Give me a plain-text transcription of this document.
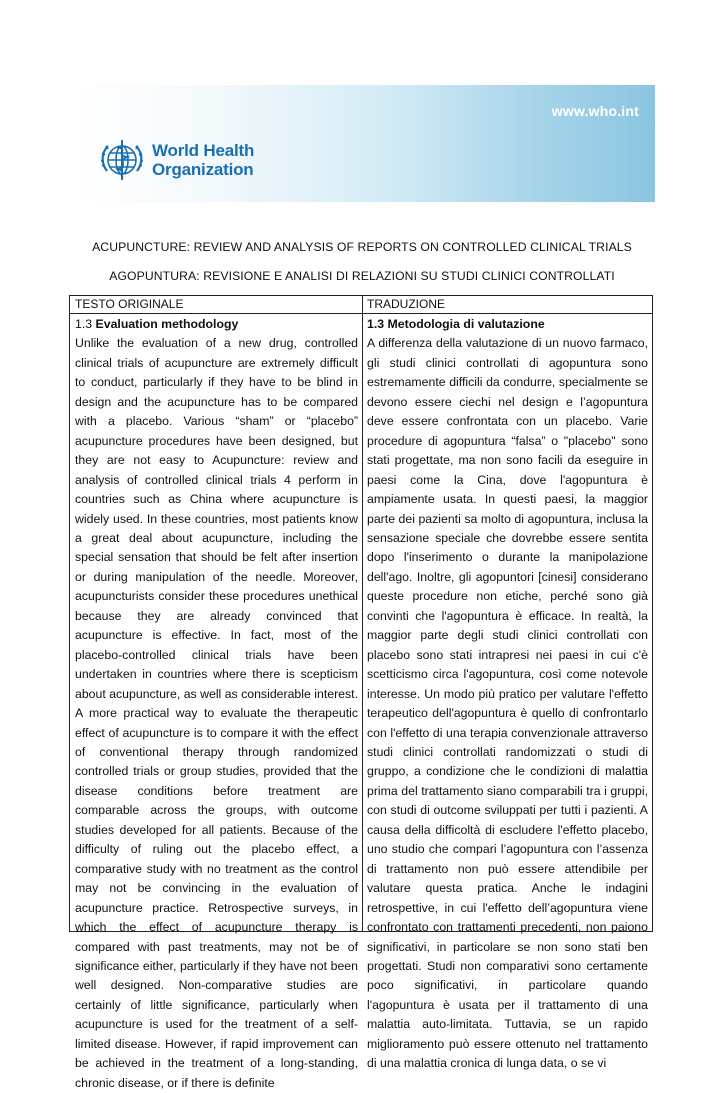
www.who.int
World Health
Organization
ACUPUNCTURE: REVIEW AND ANALYSIS OF REPORTS ON CONTROLLED CLINICAL TRIALS
AGOPUNTURA: REVISIONE E ANALISI DI RELAZIONI SU STUDI CLINICI CONTROLLATI
TESTO ORIGINALE	TRADUZIONE

1.3 Evaluation methodology

Unlike the evaluation of a new drug, controlled clinical trials of acupuncture are extremely difficult to conduct, particularly if they have to be blind in design and the acupuncture has to be compared with a placebo. Various “sham” or “placebo” acupuncture procedures have been designed, but they are not easy to Acupuncture: review and analysis of controlled clinical trials 4 perform in countries such as China where acupuncture is widely used. In these countries, most patients know a great deal about acupuncture, including the special sensation that should be felt after insertion or during manipulation of the needle. Moreover, acupuncturists consider these procedures unethical because they are already convinced that acupuncture is effective. In fact, most of the placebo-controlled clinical trials have been undertaken in countries where there is scepticism about acupuncture, as well as considerable interest. A more practical way to evaluate the therapeutic effect of acupuncture is to compare it with the effect of conventional therapy through randomized controlled trials or group studies, provided that the disease conditions before treatment are comparable across the groups, with outcome studies developed for all patients. Because of the difficulty of ruling out the placebo effect, a comparative study with no treatment as the control may not be convincing in the evaluation of acupuncture practice. Retrospective surveys, in which the effect of acupuncture therapy is compared with past treatments, may not be of significance either, particularly if they have not been well designed. Non-comparative studies are certainly of little significance, particularly when acupuncture is used for the treatment of a self-limited disease. However, if rapid improvement can be achieved in the treatment of a long-standing, chronic disease, or if there is definite

1.3 Metodologia di valutazione

A differenza della valutazione di un nuovo farmaco, gli studi clinici controllati di agopuntura sono estremamente difficili da condurre, specialmente se devono essere ciechi nel design e l’agopuntura deve essere confrontata con un placebo. Varie procedure di agopuntura “falsa” o "placebo" sono stati progettate, ma non sono facili da eseguire in paesi come la Cina, dove l'agopuntura è ampiamente usata. In questi paesi, la maggior parte dei pazienti sa molto di agopuntura, inclusa la sensazione speciale che dovrebbe essere sentita dopo l'inserimento o durante la manipolazione dell'ago. Inoltre, gli agopuntori [cinesi] considerano queste procedure non etiche, perché sono già convinti che l'agopuntura è efficace. In realtà, la maggior parte degli studi clinici controllati con placebo sono stati intrapresi nei paesi in cui c'è scetticismo circa l'agopuntura, così come notevole interesse. Un modo più pratico per valutare l'effetto terapeutico dell'agopuntura è quello di confrontarlo con l'effetto di una terapia convenzionale attraverso studi clinici controllati randomizzati o studi di gruppo, a condizione che le condizioni di malattia prima del trattamento siano comparabili tra i gruppi, con studi di outcome sviluppati per tutti i pazienti. A causa della difficoltà di escludere l'effetto placebo, uno studio che compari l’agopuntura con l’assenza di trattamento non può essere attendibile per valutare questa pratica. Anche le indagini retrospettive, in cui l'effetto dell’agopuntura viene confrontato con trattamenti precedenti, non paiono significativi, in particolare se non sono stati ben progettati. Studi non comparativi sono certamente poco significativi, in particolare quando l'agopuntura è usata per il trattamento di una malattia auto-limitata. Tuttavia, se un rapido miglioramento può essere ottenuto nel trattamento di una malattia cronica di lunga data, o se vi
